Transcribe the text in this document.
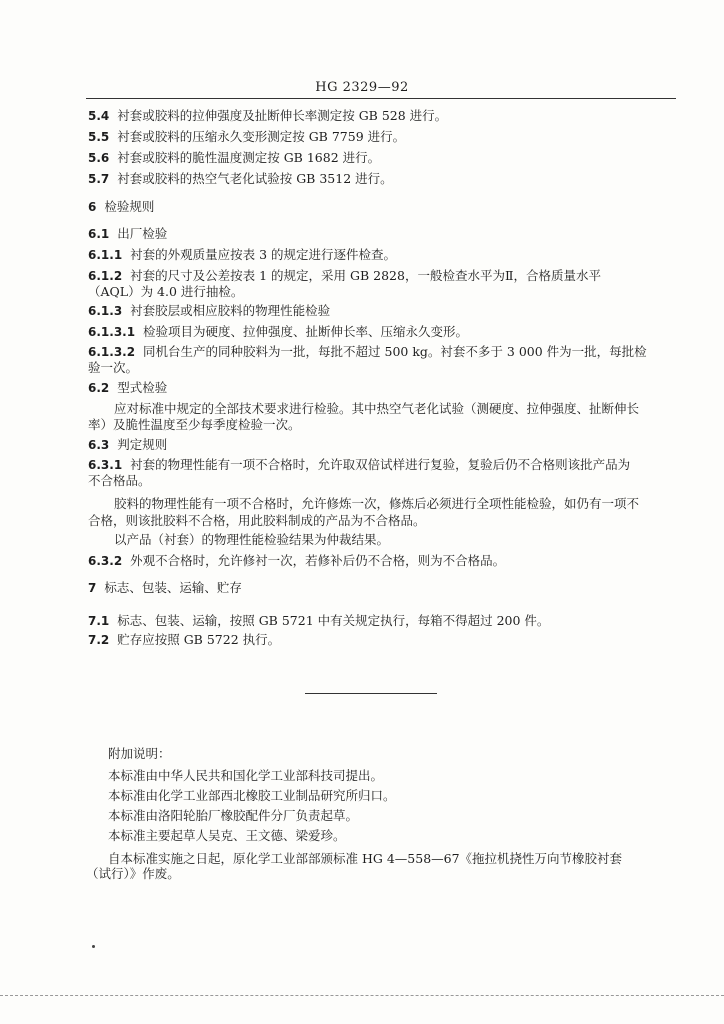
HG 2329—92
5.4 衬套或胶料的拉伸强度及扯断伸长率测定按 GB 528 进行。
5.5 衬套或胶料的压缩永久变形测定按 GB 7759 进行。
5.6 衬套或胶料的脆性温度测定按 GB 1682 进行。
5.7 衬套或胶料的热空气老化试验按 GB 3512 进行。
6 检验规则
6.1 出厂检验
6.1.1 衬套的外观质量应按表 3 的规定进行逐件检查。
6.1.2 衬套的尺寸及公差按表 1 的规定，采用 GB 2828，一般检查水平为Ⅱ，合格质量水平
（AQL）为 4.0 进行抽检。
6.1.3 衬套胶层或相应胶料的物理性能检验
6.1.3.1 检验项目为硬度、拉伸强度、扯断伸长率、压缩永久变形。
6.1.3.2 同机台生产的同种胶料为一批，每批不超过 500 kg。衬套不多于 3 000 件为一批，每批检
验一次。
6.2 型式检验
应对标准中规定的全部技术要求进行检验。其中热空气老化试验（测硬度、拉伸强度、扯断伸长
率）及脆性温度至少每季度检验一次。
6.3 判定规则
6.3.1 衬套的物理性能有一项不合格时，允许取双倍试样进行复验，复验后仍不合格则该批产品为
不合格品。
胶料的物理性能有一项不合格时，允许修炼一次，修炼后必须进行全项性能检验，如仍有一项不
合格，则该批胶料不合格，用此胶料制成的产品为不合格品。
以产品（衬套）的物理性能检验结果为仲裁结果。
6.3.2 外观不合格时，允许修衬一次，若修补后仍不合格，则为不合格品。
7 标志、包装、运输、贮存
7.1 标志、包装、运输，按照 GB 5721 中有关规定执行，每箱不得超过 200 件。
7.2 贮存应按照 GB 5722 执行。
附加说明：
本标准由中华人民共和国化学工业部科技司提出。
本标准由化学工业部西北橡胶工业制品研究所归口。
本标准由洛阳轮胎厂橡胶配件分厂负责起草。
本标准主要起草人吴克、王文德、梁爱珍。
自本标准实施之日起，原化学工业部部颁标准 HG 4—558—67《拖拉机挠性万向节橡胶衬套
（试行）》作废。
